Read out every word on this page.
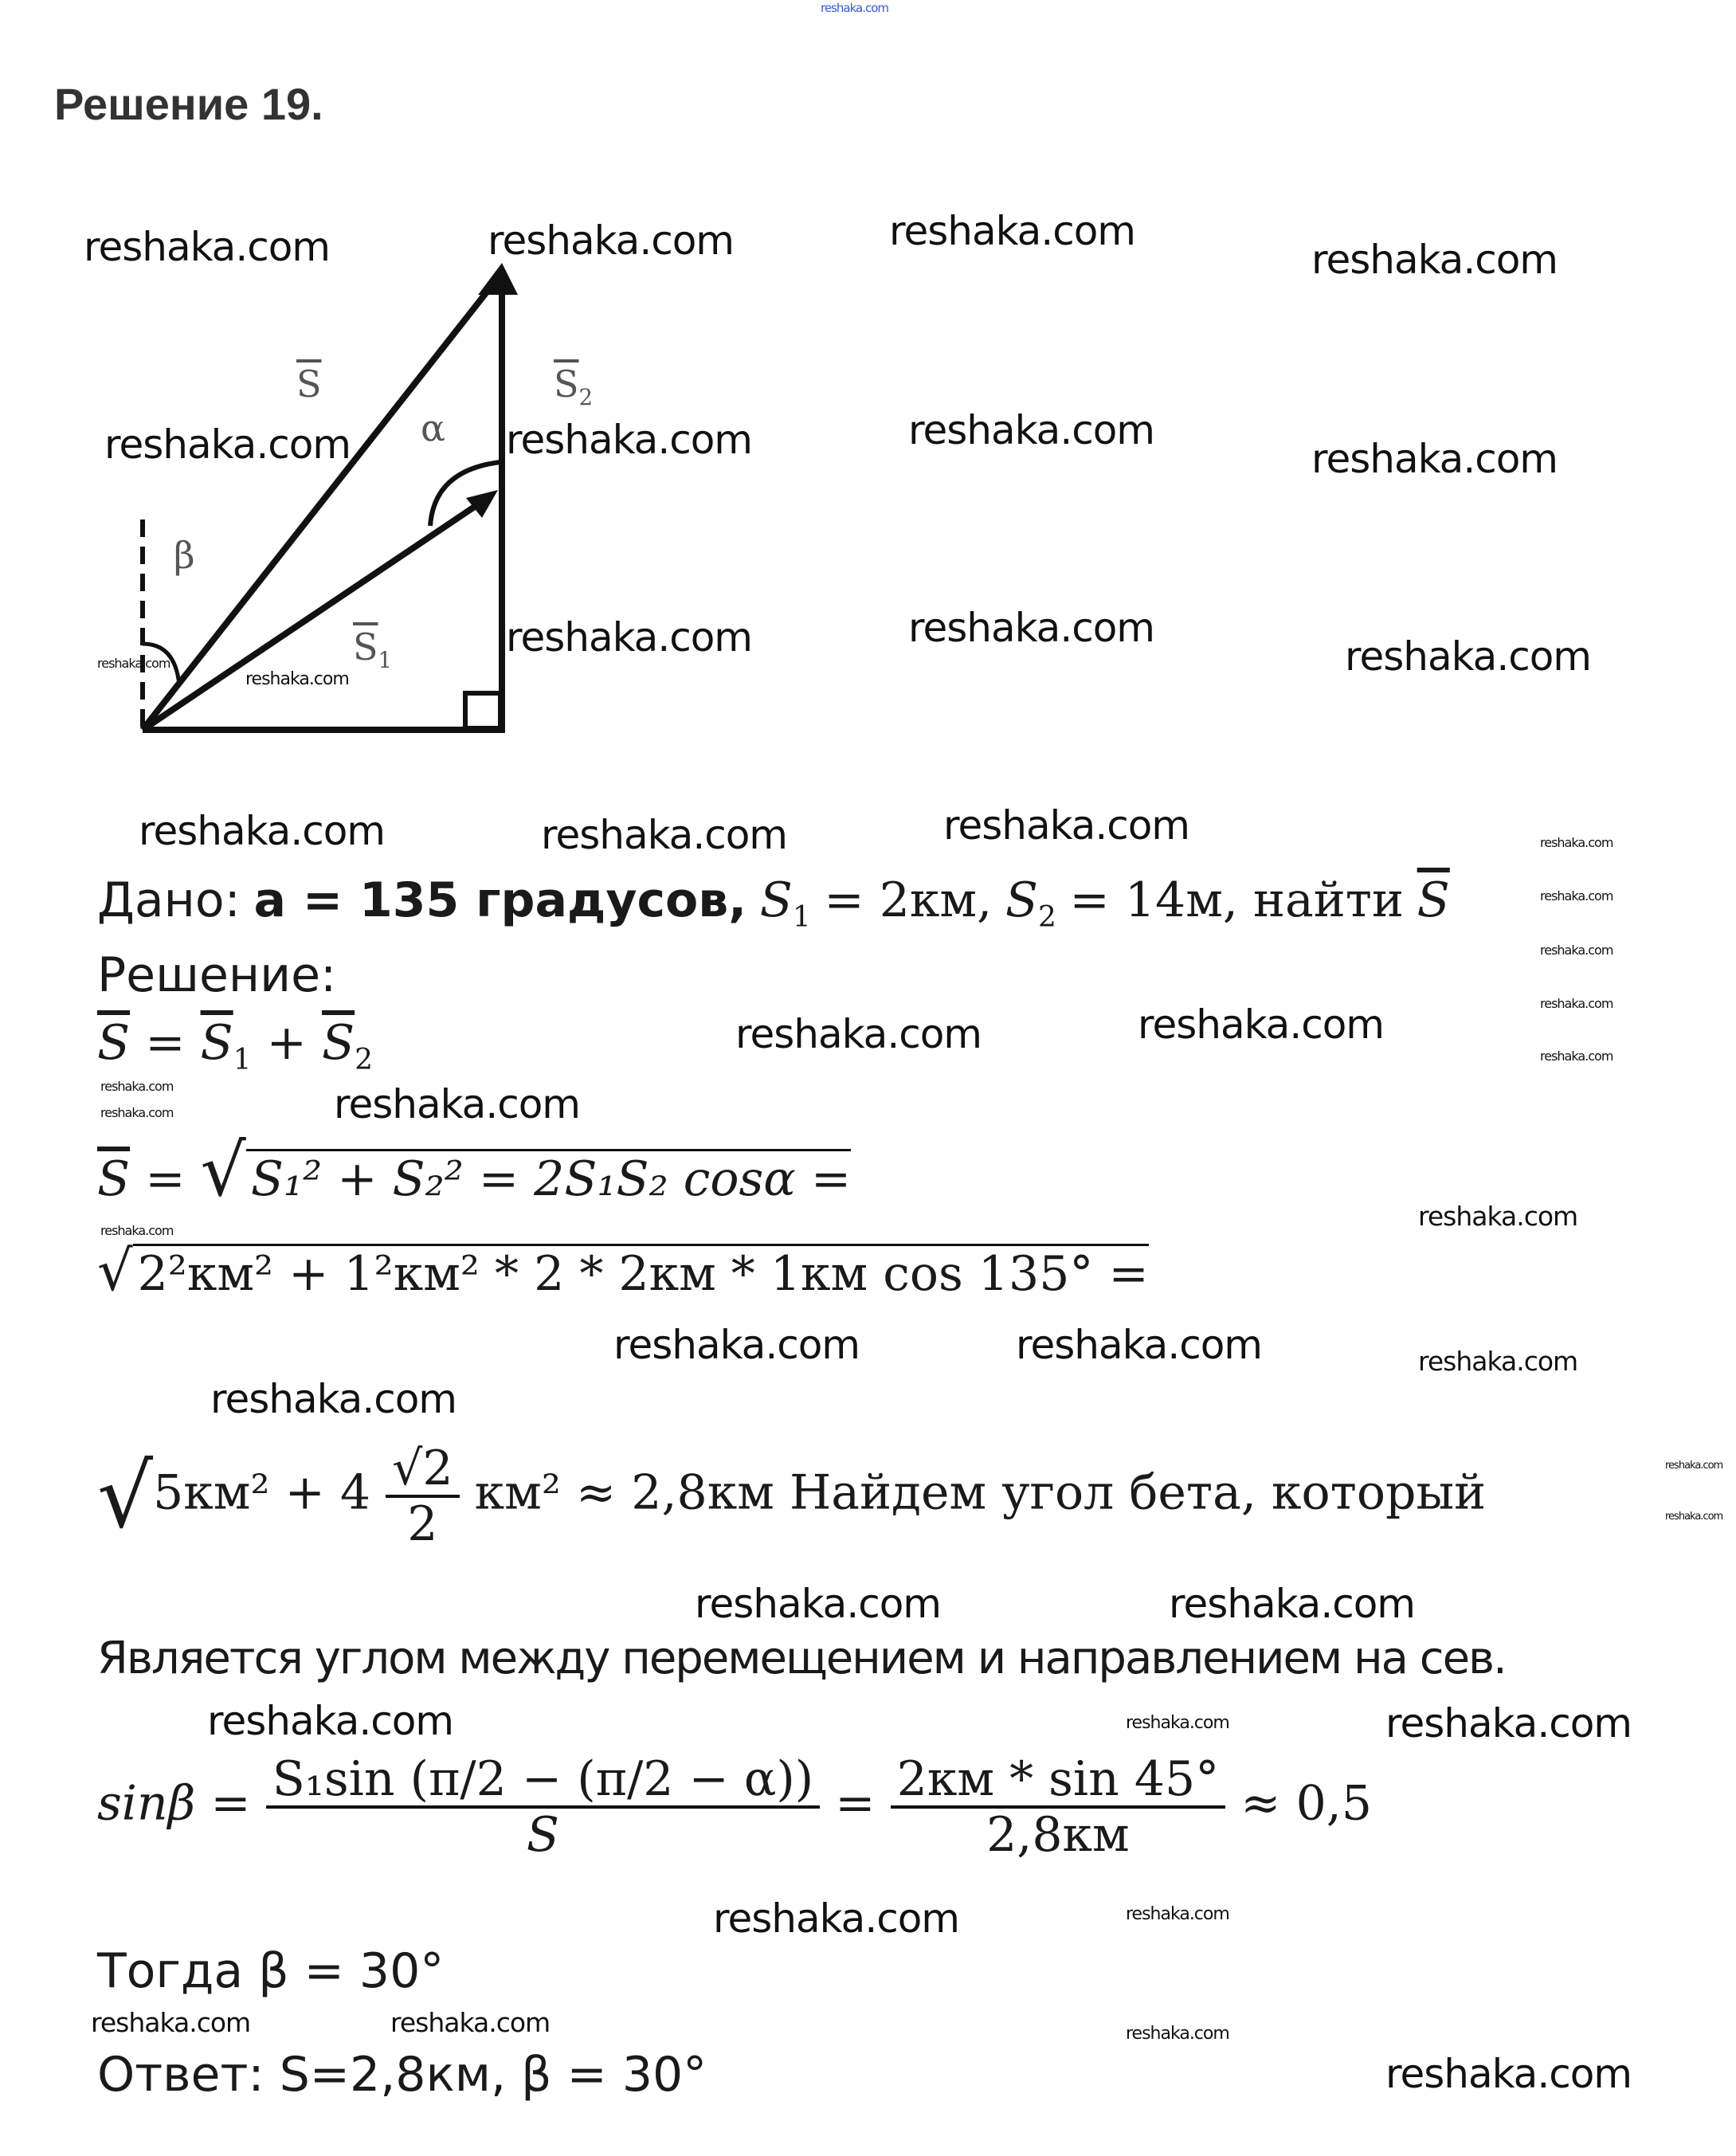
reshaka.com
Решение 19.
$\overline{S}$	$\overline{S}_2$
α
β
$\overline{S}_1$
Дано: а = 135 градусов, $S_1 = 2км$, $S_2 = 14м$, найти $\overline{S}$
Решение:
$\overline{S} = \overline{S}_1 + \overline{S}_2$
$\overline{S}$ = √ S₁² + S₂² = 2S₁S₂ cosα =
√ 2²км² + 1²км² * 2 * 2км * 1км cos 135° =
$√5км^2 + 4 \frac{√2}{2} км^2 \approx 2,8км$ Найдем угол бета, который
Является углом между перемещением и направлением на сев.
$\sin\beta = \frac{\text{S₁sin (π/2 − (π/2 − α))}}{S} = \frac{2км * \sin 45^\circ}{2,8км} \approx 0,5$
Тогда β = 30°
Ответ: S=2,8км, β = 30°
reshaka.com	reshaka.com	reshaka.com
reshaka.com
reshaka.com	reshaka.com	reshaka.com
reshaka.com
reshaka.com	reshaka.com
reshaka.com
reshaka.com
reshaka.com
reshaka.com	reshaka.com
reshaka.com	reshaka.com
reshaka.com
reshaka.com
reshaka.com
reshaka.com
reshaka.com	reshaka.com
reshaka.com	reshaka.com
reshaka.com
reshaka.com	reshaka.com
reshaka.com	reshaka.com	reshaka.com
reshaka.com
reshaka.com
reshaka.com
reshaka.com	reshaka.com
reshaka.com	reshaka.com
reshaka.com
reshaka.com	reshaka.com
reshaka.com	reshaka.com	reshaka.com
reshaka.com
